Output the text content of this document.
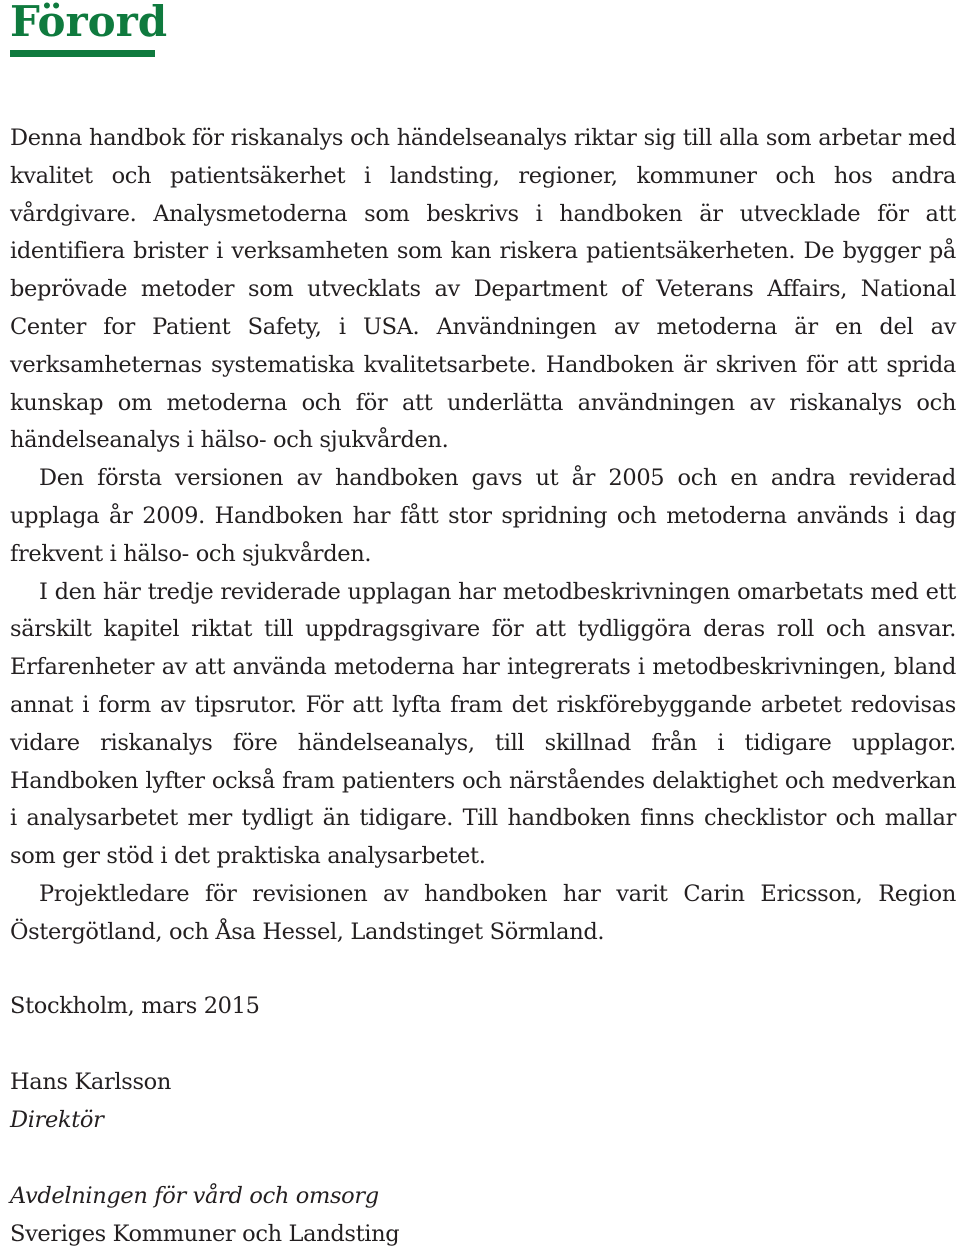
Förord

Denna handbok för riskanalys och händelseanalys riktar sig till alla som arbetar med kvalitet och patientsäkerhet i landsting, regioner, kommuner och hos andra vårdgivare. Analysmetoderna som beskrivs i handboken är utvecklade för att identifiera brister i verksamheten som kan riskera patientsäkerheten. De bygger på beprövade metoder som utvecklats av Department of Veterans Affairs, National Center for Patient Safety, i USA. Användningen av metoderna är en del av verksamheternas systematiska kvalitetsarbete. Handboken är skriven för att sprida kunskap om metoderna och för att underlätta användningen av riskanalys och händelseanalys i hälso- och sjukvården.

Den första versionen av handboken gavs ut år 2005 och en andra reviderad upplaga år 2009. Handboken har fått stor spridning och metoderna används i dag frekvent i hälso- och sjukvården.

I den här tredje reviderade upplagan har metodbeskrivningen omarbetats med ett särskilt kapitel riktat till uppdragsgivare för att tydliggöra deras roll och ansvar. Erfarenheter av att använda metoderna har integrerats i metodbeskrivningen, bland annat i form av tipsrutor. För att lyfta fram det riskförebyggande arbetet redovisas vidare riskanalys före händelseanalys, till skillnad från i tidigare upplagor. Handboken lyfter också fram patienters och närståendes delaktighet och medverkan i analysarbetet mer tydligt än tidigare. Till handboken finns checklistor och mallar som ger stöd i det praktiska analysarbetet.

Projektledare för revisionen av handboken har varit Carin Ericsson, Region Östergötland, och Åsa Hessel, Landstinget Sörmland.

Stockholm, mars 2015
Hans Karlsson
Direktör
Avdelningen för vård och omsorg
Sveriges Kommuner och Landsting
